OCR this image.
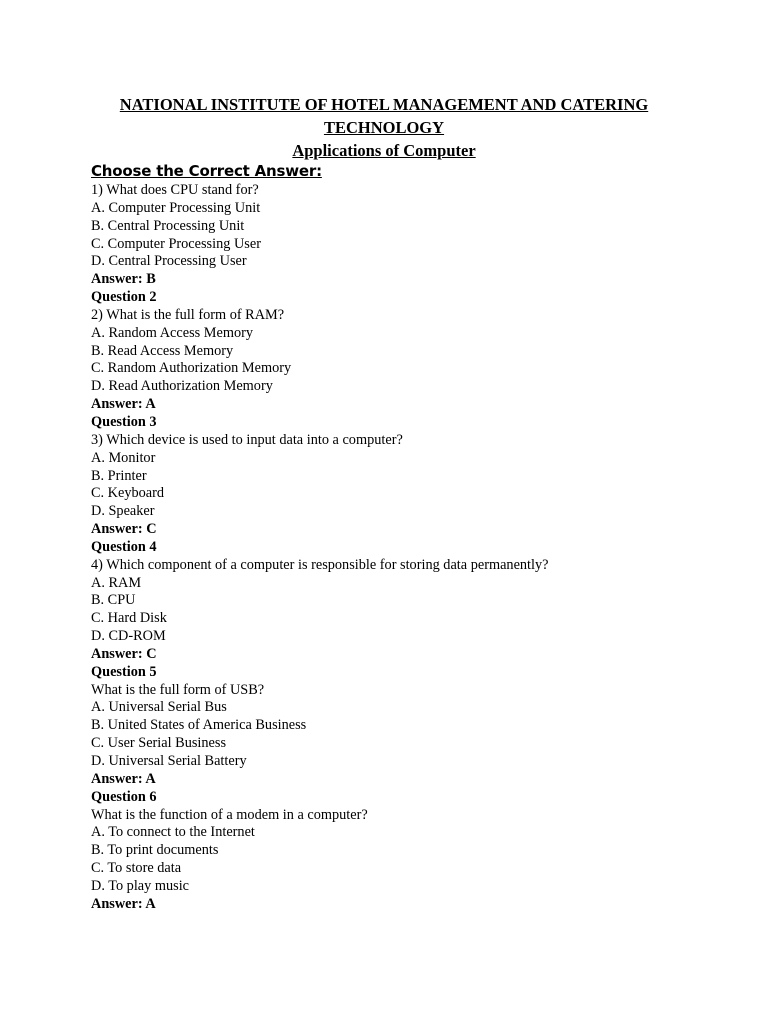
NATIONAL INSTITUTE OF HOTEL MANAGEMENT AND CATERING TECHNOLOGY
Applications of Computer
Choose the Correct Answer:
1) What does CPU stand for?
A. Computer Processing Unit
B. Central Processing Unit
C. Computer Processing User
D. Central Processing User
Answer: B
Question 2
2) What is the full form of RAM?
A. Random Access Memory
B. Read Access Memory
C. Random Authorization Memory
D. Read Authorization Memory
Answer: A
Question 3
3) Which device is used to input data into a computer?
A. Monitor
B. Printer
C. Keyboard
D. Speaker
Answer: C
Question 4
4) Which component of a computer is responsible for storing data permanently?
A. RAM
B. CPU
C. Hard Disk
D. CD-ROM
Answer: C
Question 5
What is the full form of USB?
A. Universal Serial Bus
B. United States of America Business
C. User Serial Business
D. Universal Serial Battery
Answer: A
Question 6
What is the function of a modem in a computer?
A. To connect to the Internet
B. To print documents
C. To store data
D. To play music
Answer: A
